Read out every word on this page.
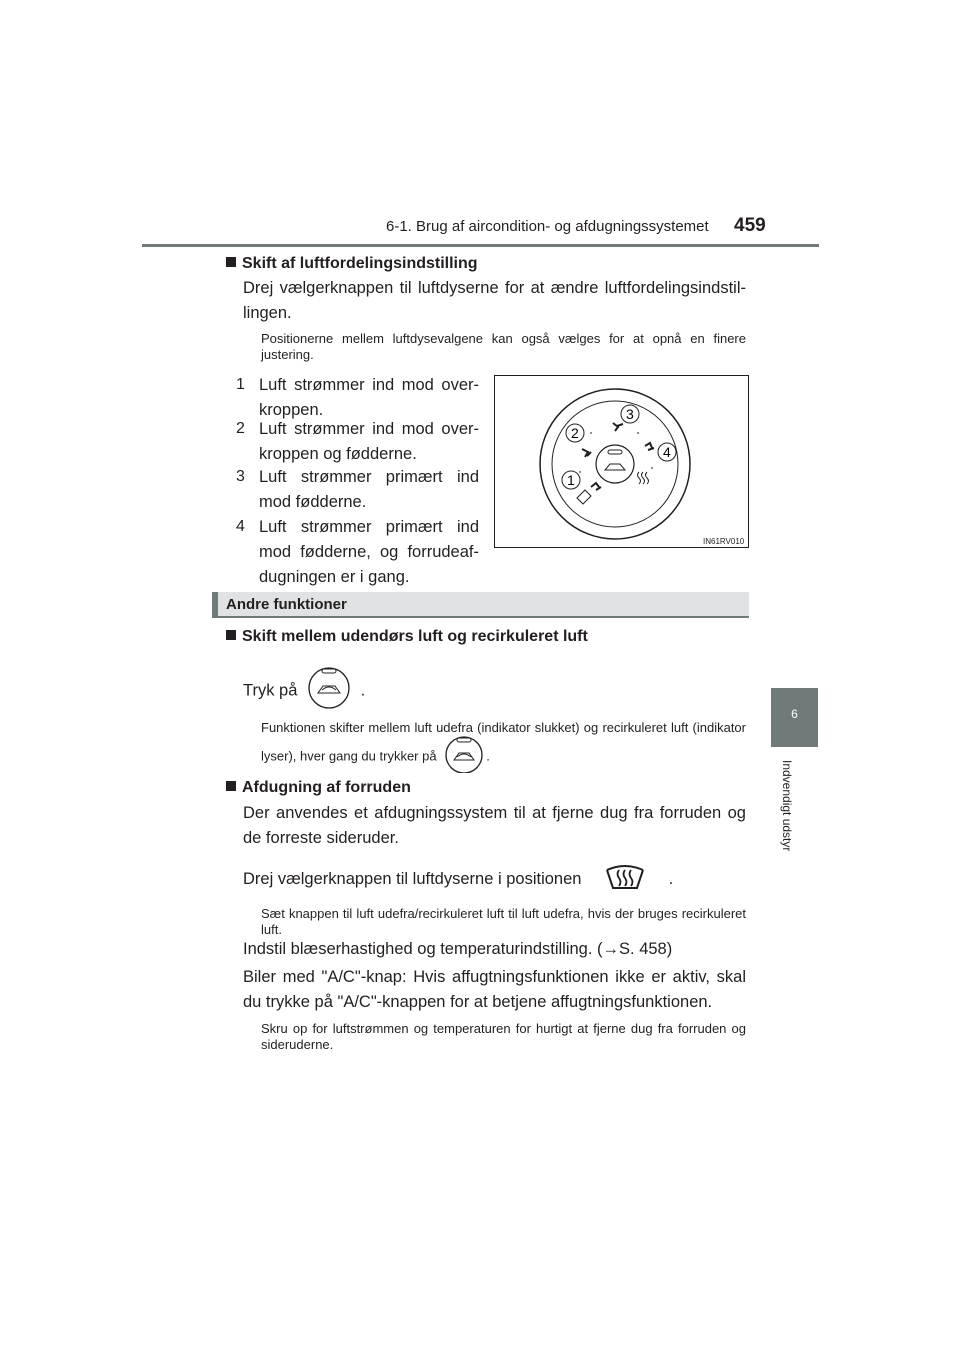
6-1. Brug af aircondition- og afdugningssystemet 459
6
Indvendigt udstyr
Skift af luftfordelingsindstilling
Drej vælgerknappen til luftdyserne for at ændre luftfordelingsindstil-lingen.
Positionerne mellem luftdysevalgene kan også vælges for at opnå en finere justering.
1 Luft strømmer ind mod over-kroppen.
2 Luft strømmer ind mod over-kroppen og fødderne.
3 Luft strømmer primært ind mod fødderne.
4 Luft strømmer primært ind mod fødderne, og forrudeaf-dugningen er i gang.
3
2
4
1
IN61RV010
Andre funktioner
Skift mellem udendørs luft og recirkuleret luft
Tryk på	.
Funktionen skifter mellem luft udefra (indikator slukket) og recirkuleret luft (indikator lyser), hver gang du trykker på	.
Afdugning af forruden
Der anvendes et afdugningssystem til at fjerne dug fra forruden og de forreste sideruder.
Drej vælgerknappen til luftdyserne i positionen	.
Sæt knappen til luft udefra/recirkuleret luft til luft udefra, hvis der bruges recirkuleret luft.
Indstil blæserhastighed og temperaturindstilling. (→S. 458)
Biler med "A/C"-knap: Hvis affugtningsfunktionen ikke er aktiv, skal du trykke på "A/C"-knappen for at betjene affugtningsfunktionen.
Skru op for luftstrømmen og temperaturen for hurtigt at fjerne dug fra forruden og sideruderne.
